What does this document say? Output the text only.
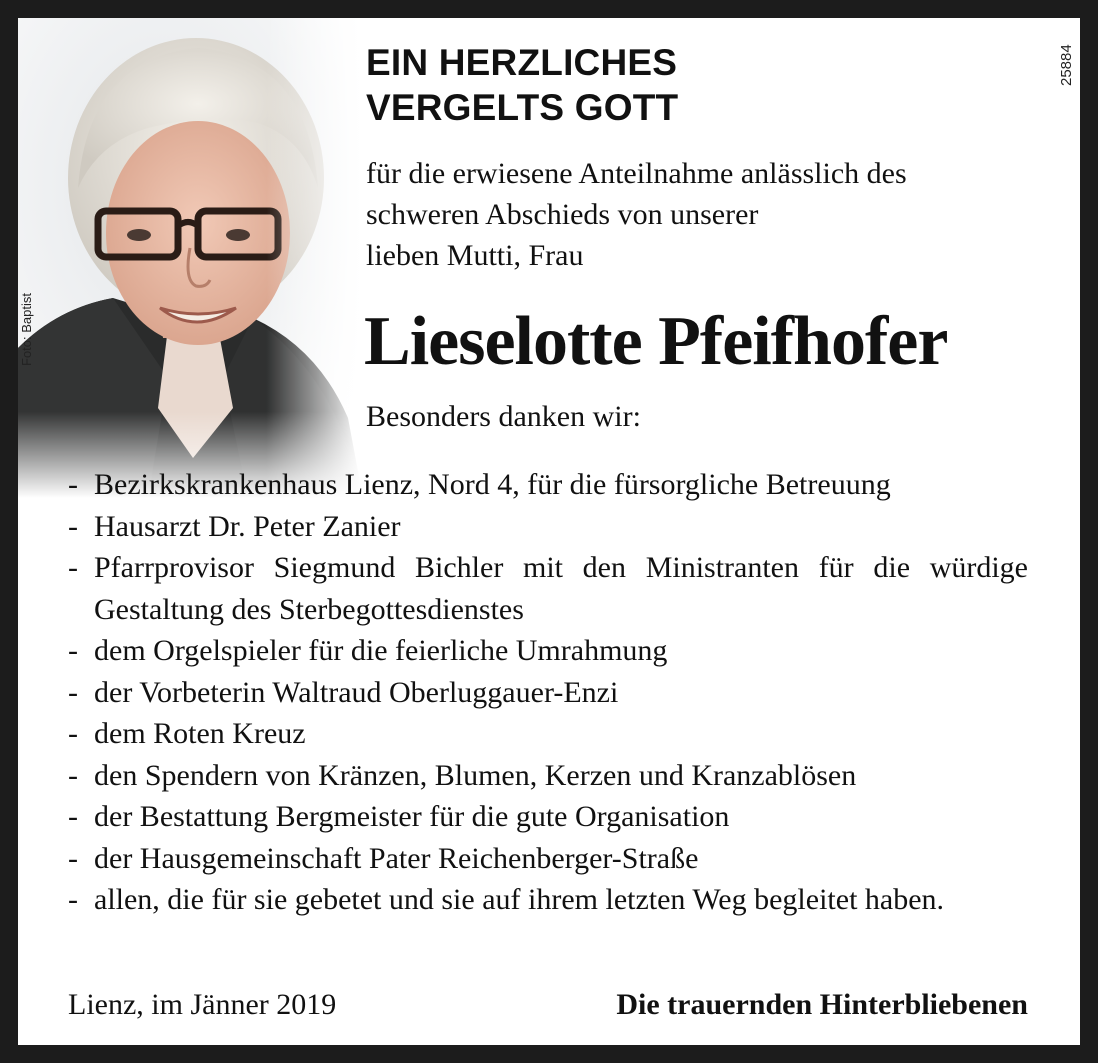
Foto: Baptist
25884
EIN HERZLICHES
VERGELTS GOTT
für die erwiesene Anteilnahme anlässlich des
schweren Abschieds von unserer
lieben Mutti, Frau
Lieselotte Pfeifhofer
Besonders danken wir:
- Bezirkskrankenhaus Lienz, Nord 4, für die fürsorgliche Betreuung
- Hausarzt Dr. Peter Zanier
- Pfarrprovisor Siegmund Bichler mit den Ministranten für die würdige Gestaltung des Sterbegottesdienstes
- dem Orgelspieler für die feierliche Umrahmung
- der Vorbeterin Waltraud Oberluggauer-Enzi
- dem Roten Kreuz
- den Spendern von Kränzen, Blumen, Kerzen und Kranzablösen
- der Bestattung Bergmeister für die gute Organisation
- der Hausgemeinschaft Pater Reichenberger-Straße
- allen, die für sie gebetet und sie auf ihrem letzten Weg begleitet haben.
Lienz, im Jänner 2019	Die trauernden Hinterbliebenen
